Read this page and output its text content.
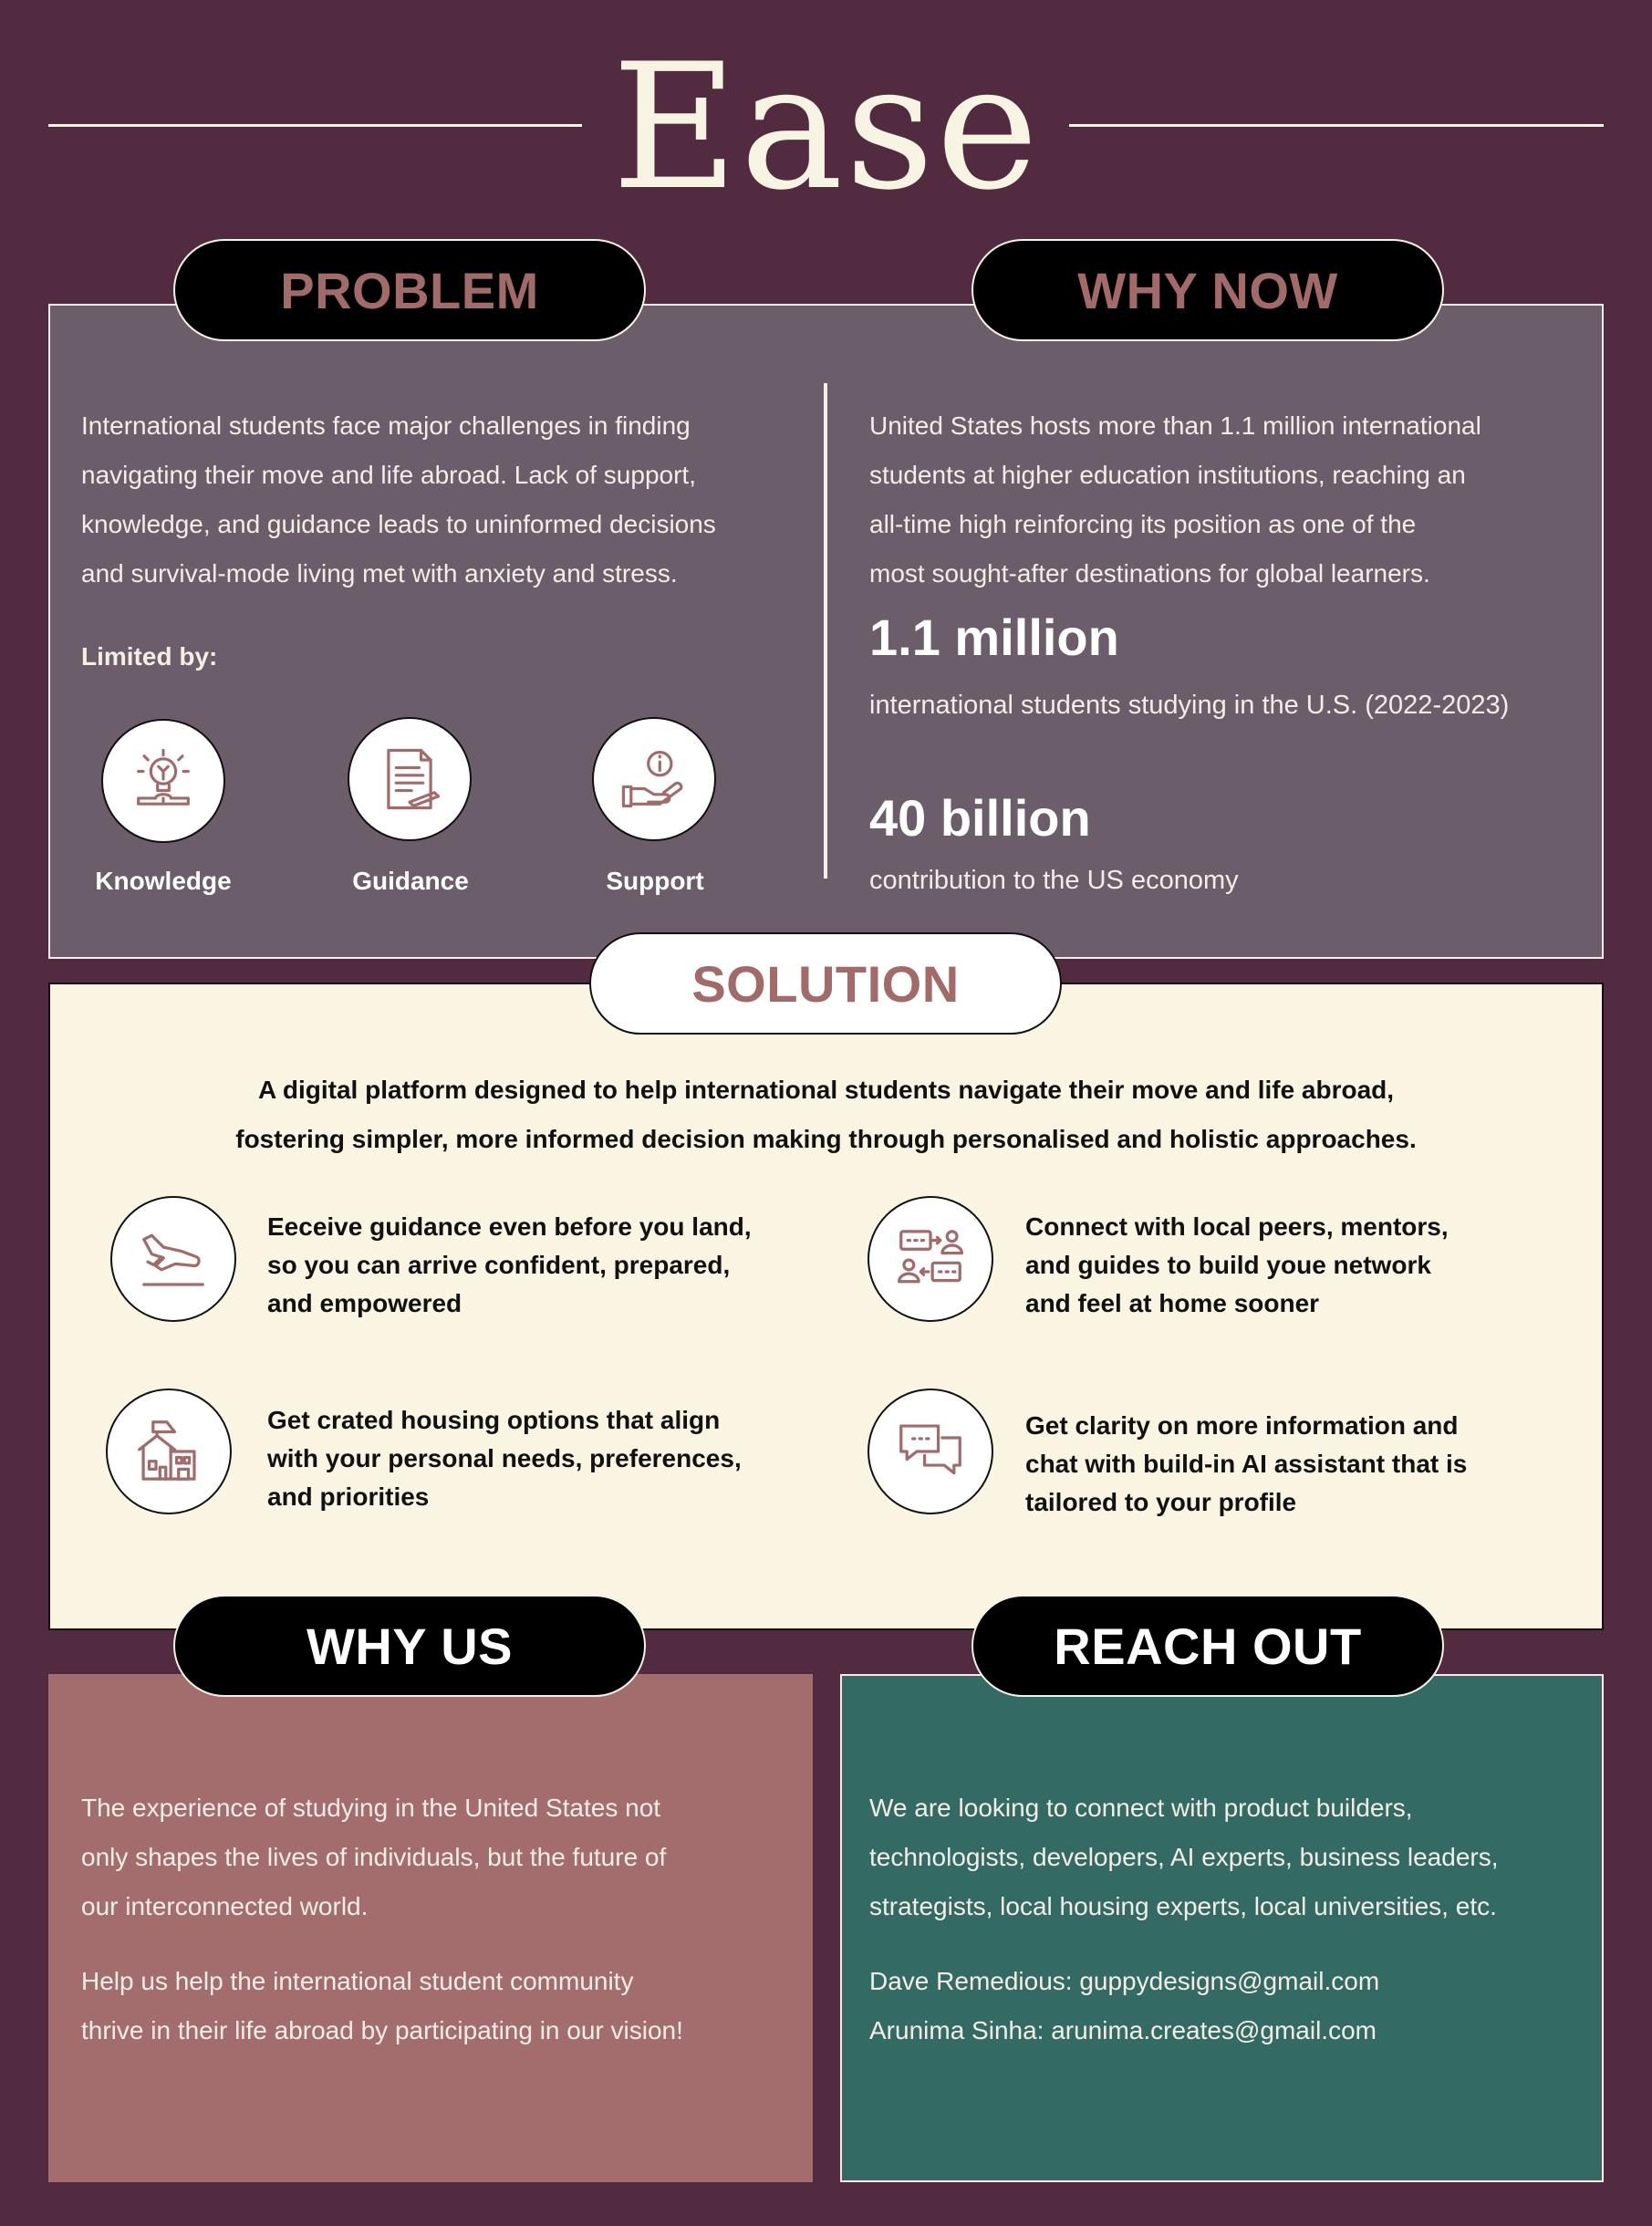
Ease
PROBLEM	WHY NOW
International students face major challenges in finding
navigating their move and life abroad. Lack of support,
knowledge, and guidance leads to uninformed decisions
and survival-mode living met with anxiety and stress.
Limited by:
Knowledge	Guidance	Support
United States hosts more than 1.1 million international
students at higher education institutions, reaching an
all-time high reinforcing its position as one of the
most sought-after destinations for global learners.
1.1 million
international students studying in the U.S. (2022-2023)
40 billion
contribution to the US economy
SOLUTION
A digital platform designed to help international students navigate their move and life abroad,
fostering simpler, more informed decision making through personalised and holistic approaches.
Eeceive guidance even before you land,
so you can arrive confident, prepared,
and empowered
Connect with local peers, mentors,
and guides to build youe network
and feel at home sooner
Get crated housing options that align
with your personal needs, preferences,
and priorities
Get clarity on more information and
chat with build-in AI assistant that is
tailored to your profile
WHY US
The experience of studying in the United States not
only shapes the lives of individuals, but the future of
our interconnected world.
Help us help the international student community
thrive in their life abroad by participating in our vision!
REACH OUT
We are looking to connect with product builders,
technologists, developers, AI experts, business leaders,
strategists, local housing experts, local universities, etc.
Dave Remedious: guppydesigns@gmail.com
Arunima Sinha: arunima.creates@gmail.com
